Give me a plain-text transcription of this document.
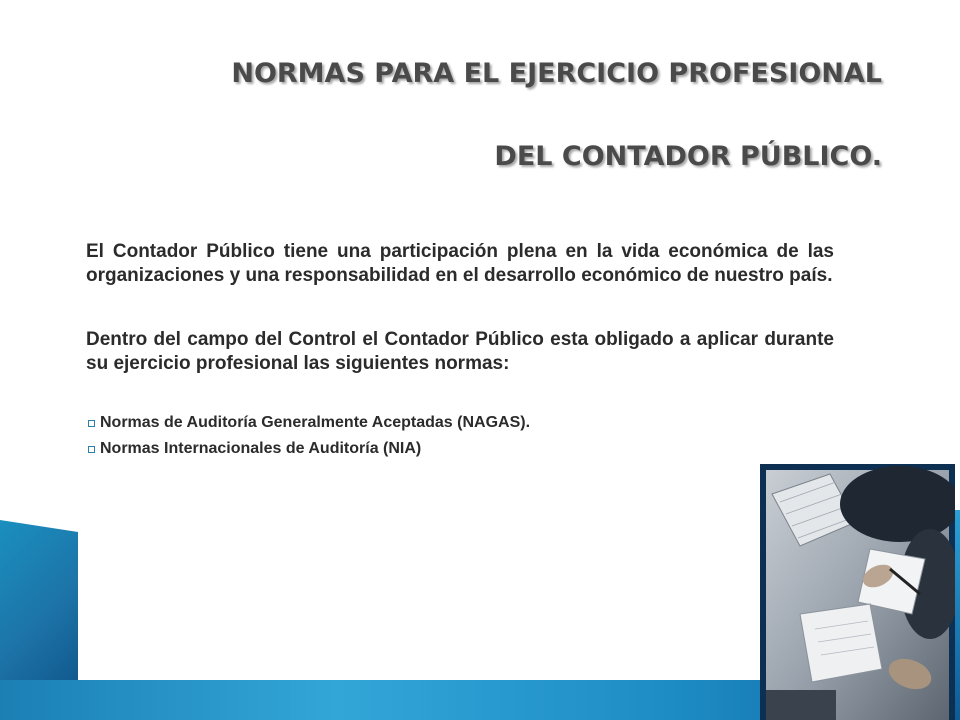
NORMAS PARA EL EJERCICIO PROFESIONAL
DEL CONTADOR PÚBLICO.

El Contador Público tiene una participación plena en la vida económica de las organizaciones y una responsabilidad en el desarrollo económico de nuestro país.

Dentro del campo del Control el Contador Público esta obligado a aplicar durante su ejercicio profesional las siguientes normas:

Normas de Auditoría Generalmente Aceptadas (NAGAS).
Normas Internacionales de Auditoría (NIA)
